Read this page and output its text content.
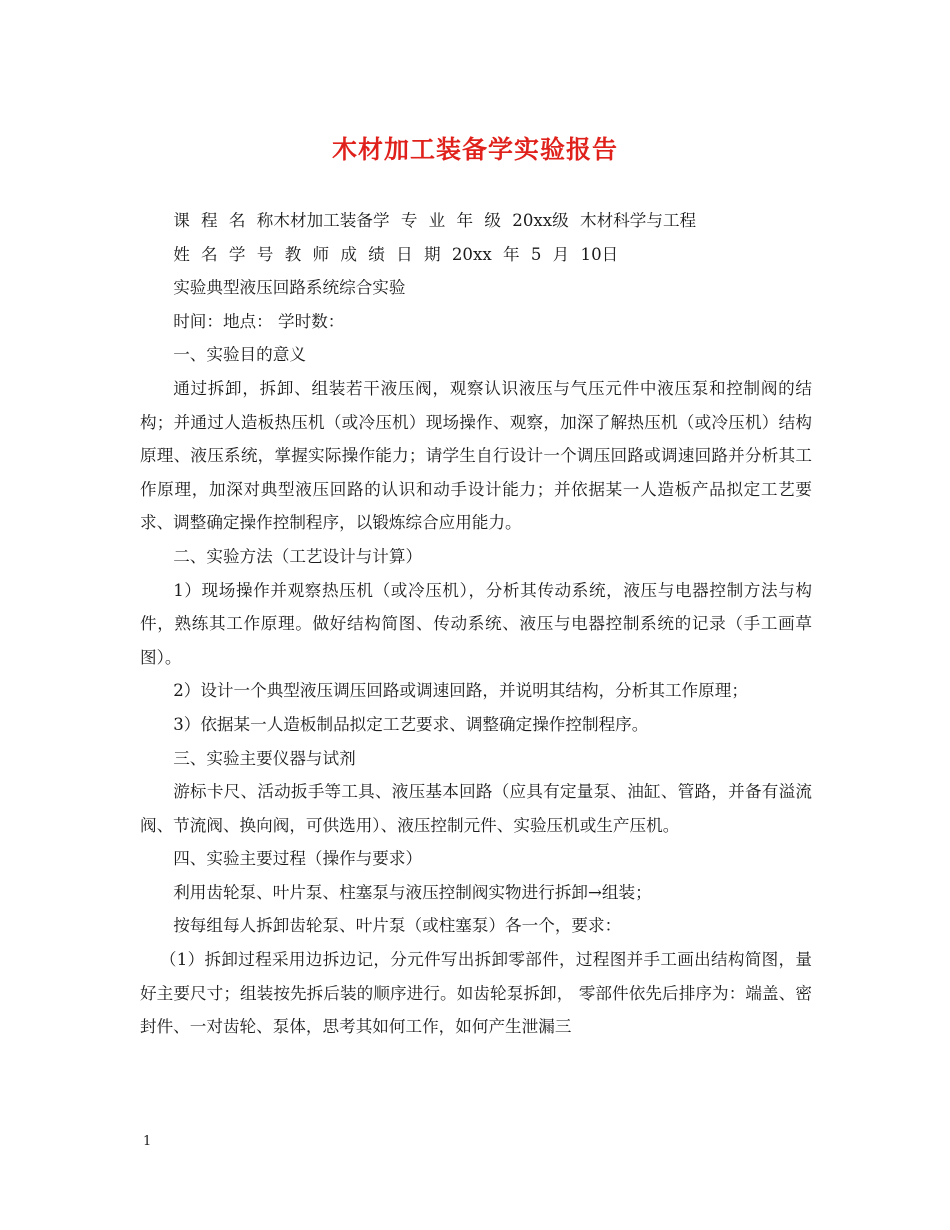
木材加工装备学实验报告

课 程 名 称木材加工装备学 专 业 年 级 20xx级 木材科学与工程

姓 名 学 号 教 师 成 绩 日 期 20xx 年 5 月 10日

实验典型液压回路系统综合实验

时间：地点： 学时数：

一、实验目的意义

通过拆卸，拆卸、组装若干液压阀，观察认识液压与气压元件中液压泵和控制阀的结构；并通过人造板热压机（或冷压机）现场操作、观察，加深了解热压机（或冷压机）结构原理、液压系统，掌握实际操作能力；请学生自行设计一个调压回路或调速回路并分析其工作原理，加深对典型液压回路的认识和动手设计能力；并依据某一人造板产品拟定工艺要求、调整确定操作控制程序，以锻炼综合应用能力。

二、实验方法（工艺设计与计算）

1）现场操作并观察热压机（或冷压机），分析其传动系统，液压与电器控制方法与构件，熟练其工作原理。做好结构简图、传动系统、液压与电器控制系统的记录（手工画草图）。

2）设计一个典型液压调压回路或调速回路，并说明其结构，分析其工作原理；

3）依据某一人造板制品拟定工艺要求、调整确定操作控制程序。

三、实验主要仪器与试剂

游标卡尺、活动扳手等工具、液压基本回路（应具有定量泵、油缸、管路，并备有溢流阀、节流阀、换向阀，可供选用）、液压控制元件、实验压机或生产压机。

四、实验主要过程（操作与要求）

利用齿轮泵、叶片泵、柱塞泵与液压控制阀实物进行拆卸→组装；

按每组每人拆卸齿轮泵、叶片泵（或柱塞泵）各一个，要求：

（1）拆卸过程采用边拆边记，分元件写出拆卸零部件，过程图并手工画出结构简图，量好主要尺寸；组装按先拆后装的顺序进行。如齿轮泵拆卸， 零部件依先后排序为：端盖、密封件、一对齿轮、泵体，思考其如何工作，如何产生泄漏三

1
